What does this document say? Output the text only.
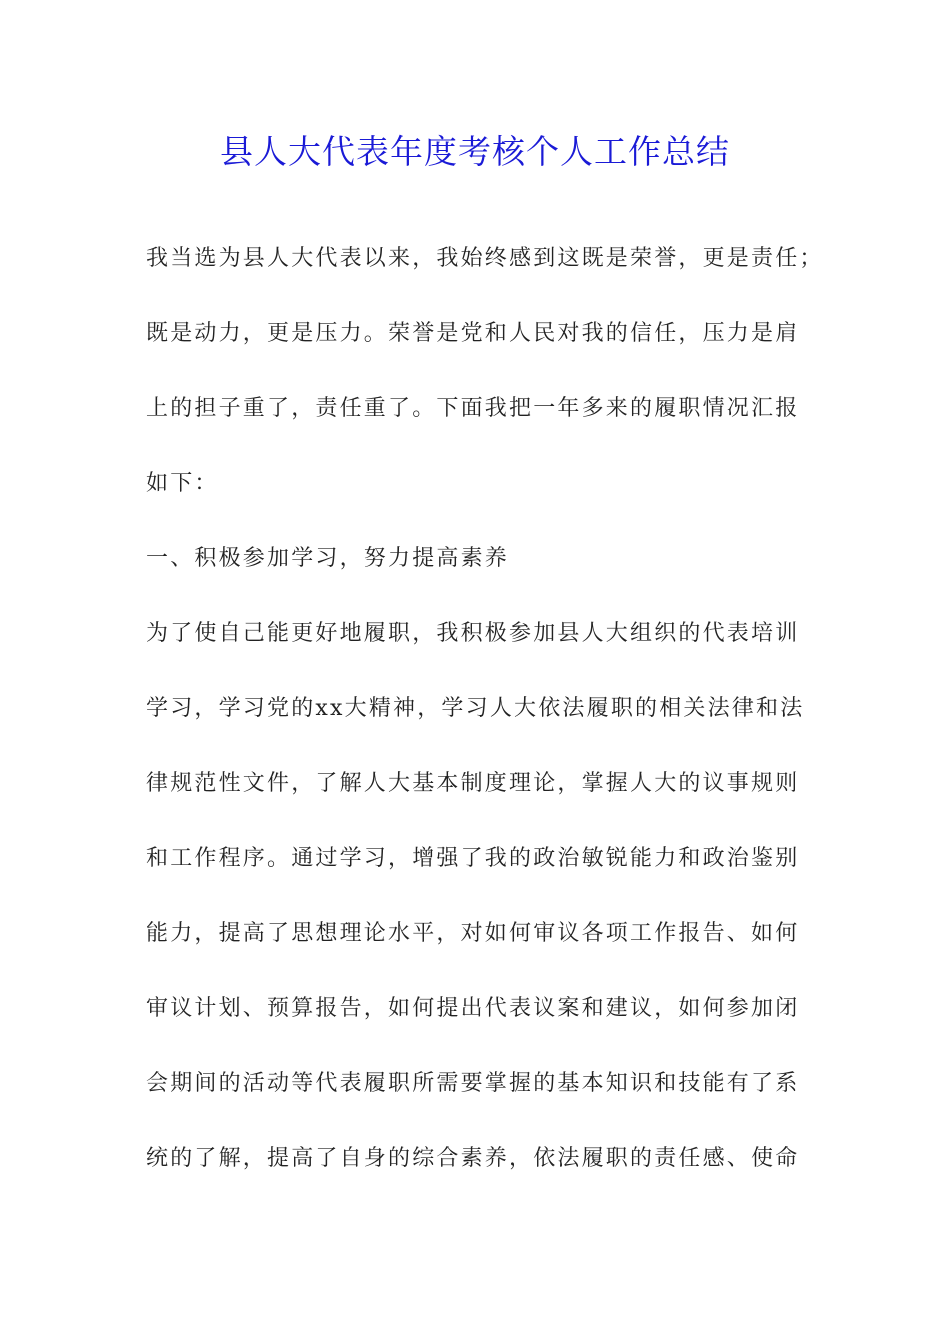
县人大代表年度考核个人工作总结
我当选为县人大代表以来，我始终感到这既是荣誉，更是责任；
既是动力，更是压力。荣誉是党和人民对我的信任，压力是肩
上的担子重了，责任重了。下面我把一年多来的履职情况汇报
如下：
一、积极参加学习，努力提高素养
为了使自己能更好地履职，我积极参加县人大组织的代表培训
学习，学习党的xx大精神，学习人大依法履职的相关法律和法
律规范性文件，了解人大基本制度理论，掌握人大的议事规则
和工作程序。通过学习，增强了我的政治敏锐能力和政治鉴别
能力，提高了思想理论水平，对如何审议各项工作报告、如何
审议计划、预算报告，如何提出代表议案和建议，如何参加闭
会期间的活动等代表履职所需要掌握的基本知识和技能有了系
统的了解，提高了自身的综合素养，依法履职的责任感、使命
